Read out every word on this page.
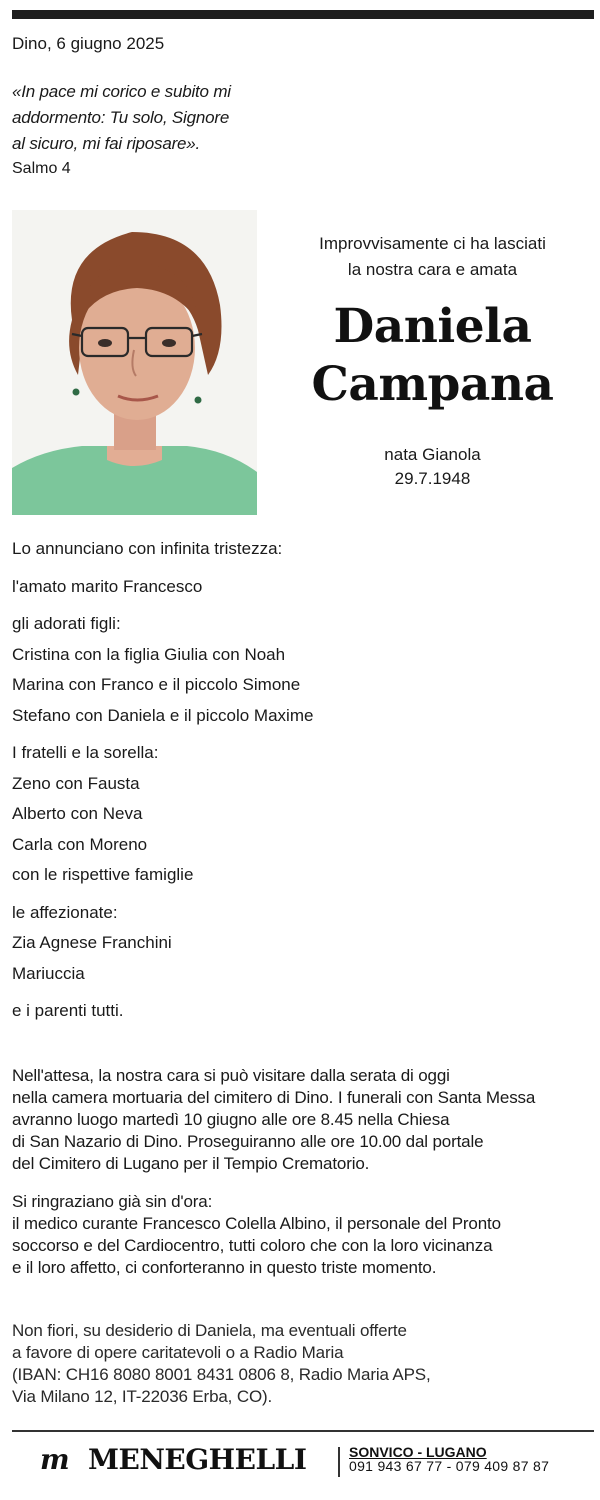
Dino, 6 giugno 2025
«In pace mi corico e subito mi
addormento: Tu solo, Signore
al sicuro, mi fai riposare».
Salmo 4
Improvvisamente ci ha lasciati
la nostra cara e amata
Daniela
Campana
nata Gianola
29.7.1948
Lo annunciano con infinita tristezza:
l'amato marito Francesco
gli adorati figli:
Cristina con la figlia Giulia con Noah
Marina con Franco e il piccolo Simone
Stefano con Daniela e il piccolo Maxime
I fratelli e la sorella:
Zeno con Fausta
Alberto con Neva
Carla con Moreno
con le rispettive famiglie
le affezionate:
Zia Agnese Franchini
Mariuccia
e i parenti tutti.
Nell'attesa, la nostra cara si può visitare dalla serata di oggi
nella camera mortuaria del cimitero di Dino. I funerali con Santa Messa
avranno luogo martedì 10 giugno alle ore 8.45 nella Chiesa
di San Nazario di Dino. Proseguiranno alle ore 10.00 dal portale
del Cimitero di Lugano per il Tempio Crematorio.
Si ringraziano già sin d'ora:
il medico curante Francesco Colella Albino, il personale del Pronto
soccorso e del Cardiocentro, tutti coloro che con la loro vicinanza
e il loro affetto, ci conforteranno in questo triste momento.
Non fiori, su desiderio di Daniela, ma eventuali offerte
a favore di opere caritatevoli o a Radio Maria
(IBAN: CH16 8080 8001 8431 0806 8, Radio Maria APS,
Via Milano 12, IT-22036 Erba, CO).
m MENEGHELLI	SONVICO - LUGANO
091 943 67 77 - 079 409 87 87
